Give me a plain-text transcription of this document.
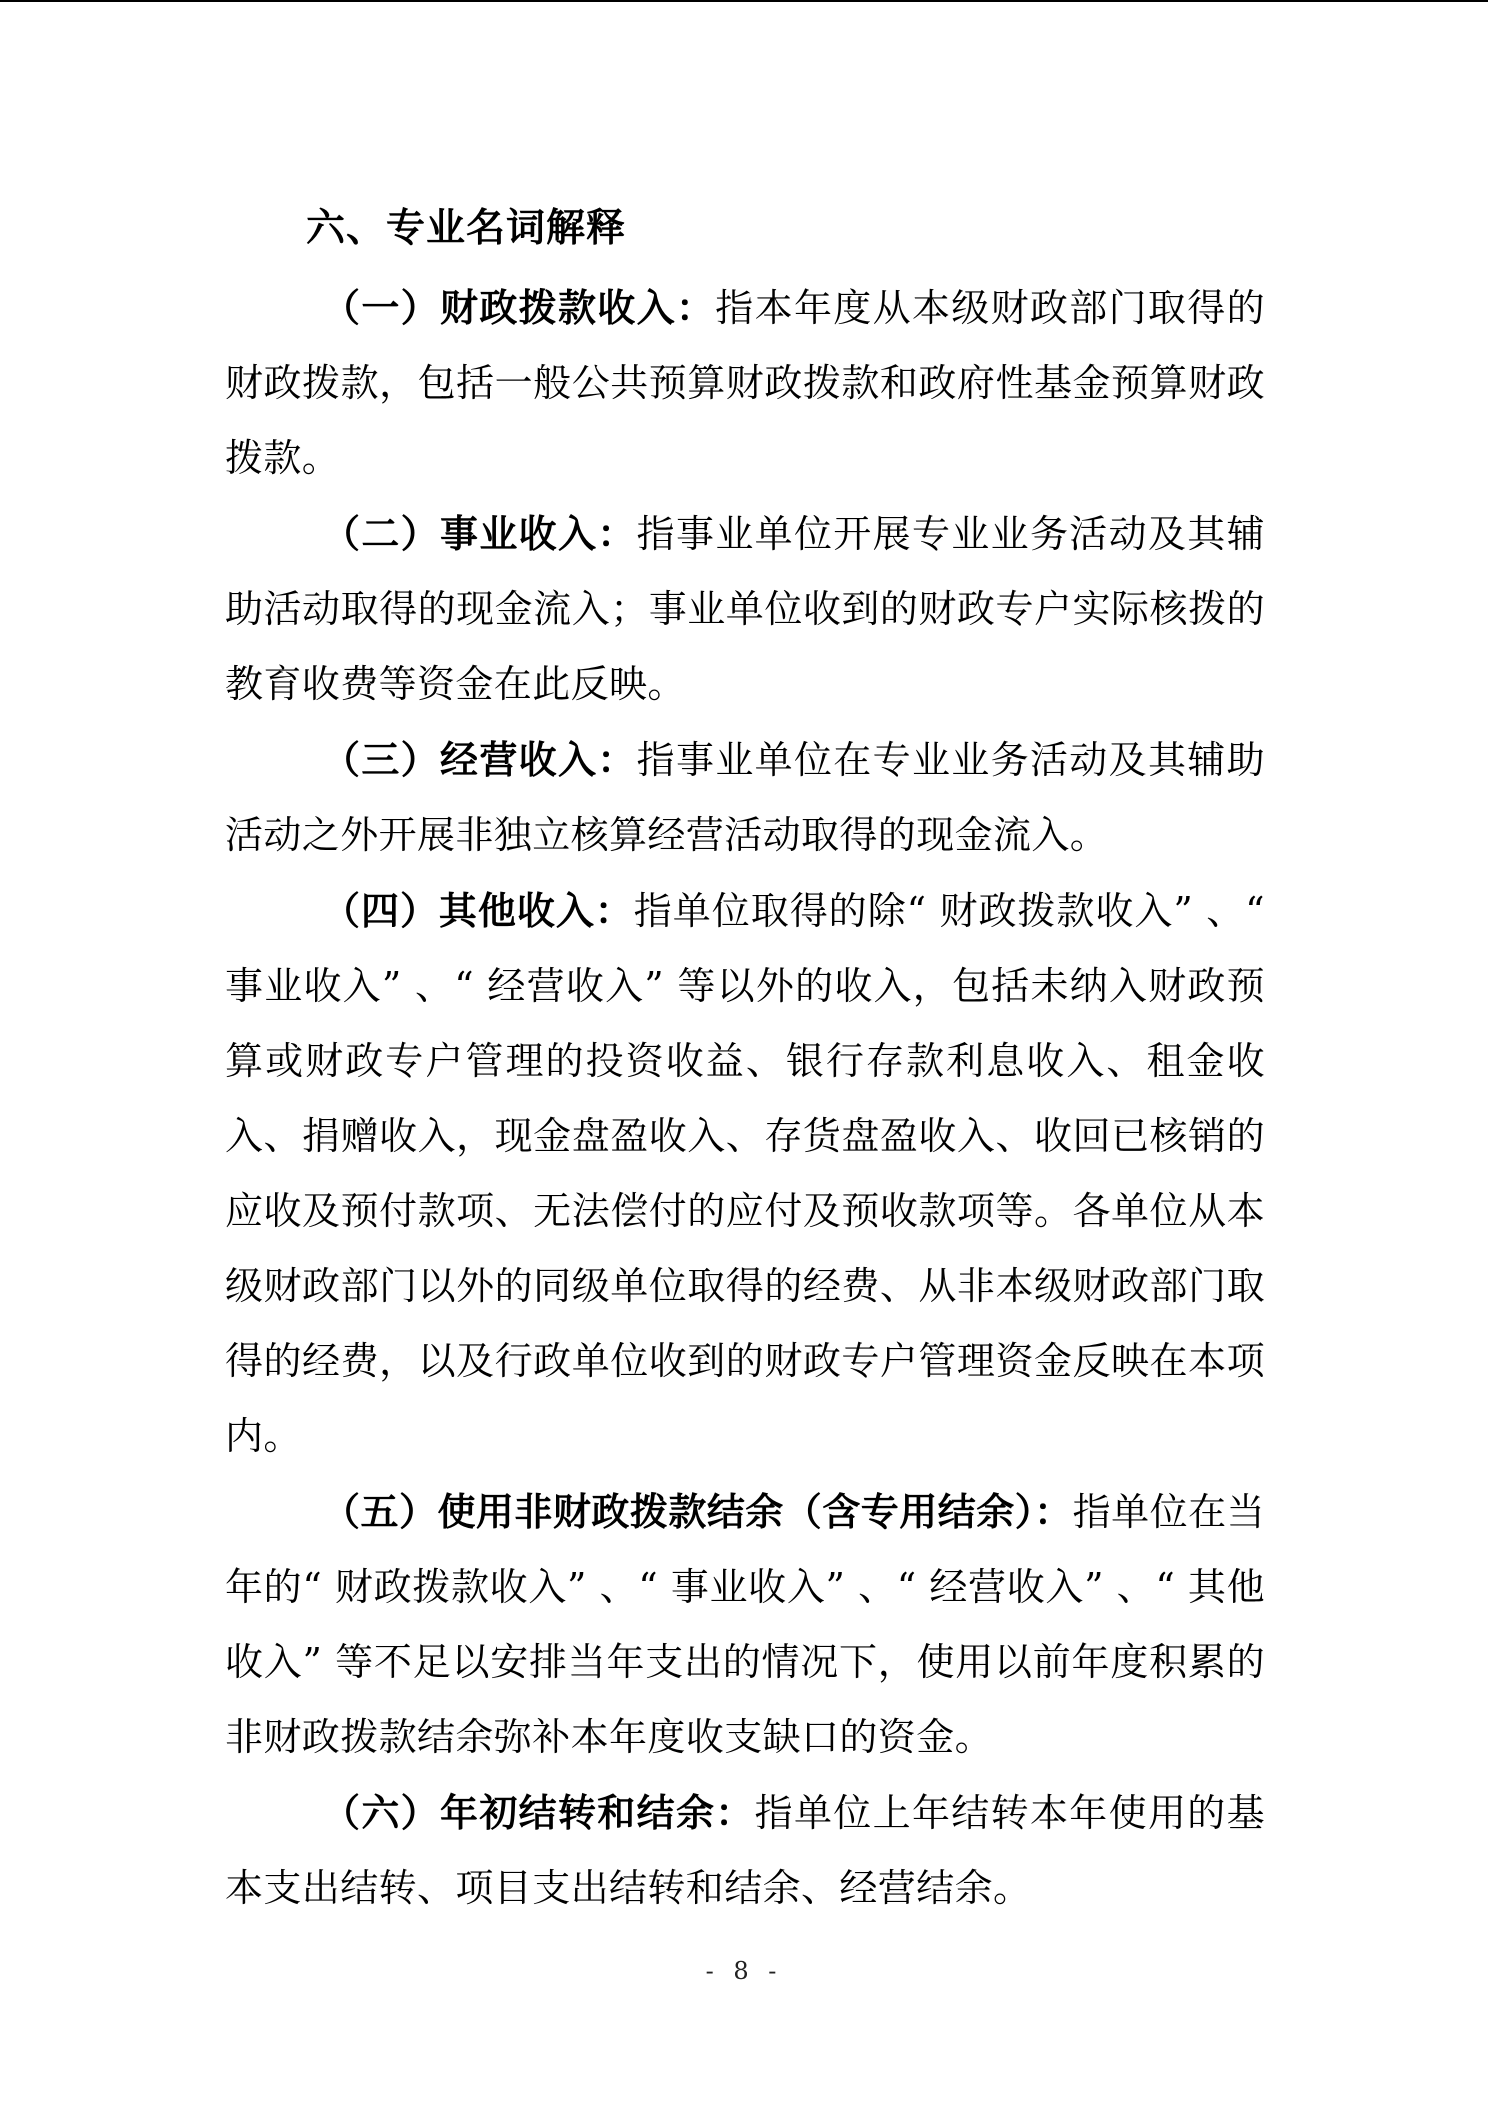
六、专业名词解释

（一）财政拨款收入：指本年度从本级财政部门取得的财政拨款，包括一般公共预算财政拨款和政府性基金预算财政拨款。

（二）事业收入：指事业单位开展专业业务活动及其辅助活动取得的现金流入；事业单位收到的财政专户实际核拨的教育收费等资金在此反映。

（三）经营收入：指事业单位在专业业务活动及其辅助活动之外开展非独立核算经营活动取得的现金流入。

（四）其他收入：指单位取得的除“ 财政拨款收入” 、“ 事业收入” 、“ 经营收入” 等以外的收入，包括未纳入财政预算或财政专户管理的投资收益、银行存款利息收入、租金收入、捐赠收入，现金盘盈收入、存货盘盈收入、收回已核销的应收及预付款项、无法偿付的应付及预收款项等。各单位从本级财政部门以外的同级单位取得的经费、从非本级财政部门取得的经费，以及行政单位收到的财政专户管理资金反映在本项内。

（五）使用非财政拨款结余（含专用结余）：指单位在当年的“ 财政拨款收入” 、“ 事业收入” 、“ 经营收入” 、“ 其他收入” 等不足以安排当年支出的情况下，使用以前年度积累的非财政拨款结余弥补本年度收支缺口的资金。

（六）年初结转和结余：指单位上年结转本年使用的基本支出结转、项目支出结转和结余、经营结余。

- 8 -
